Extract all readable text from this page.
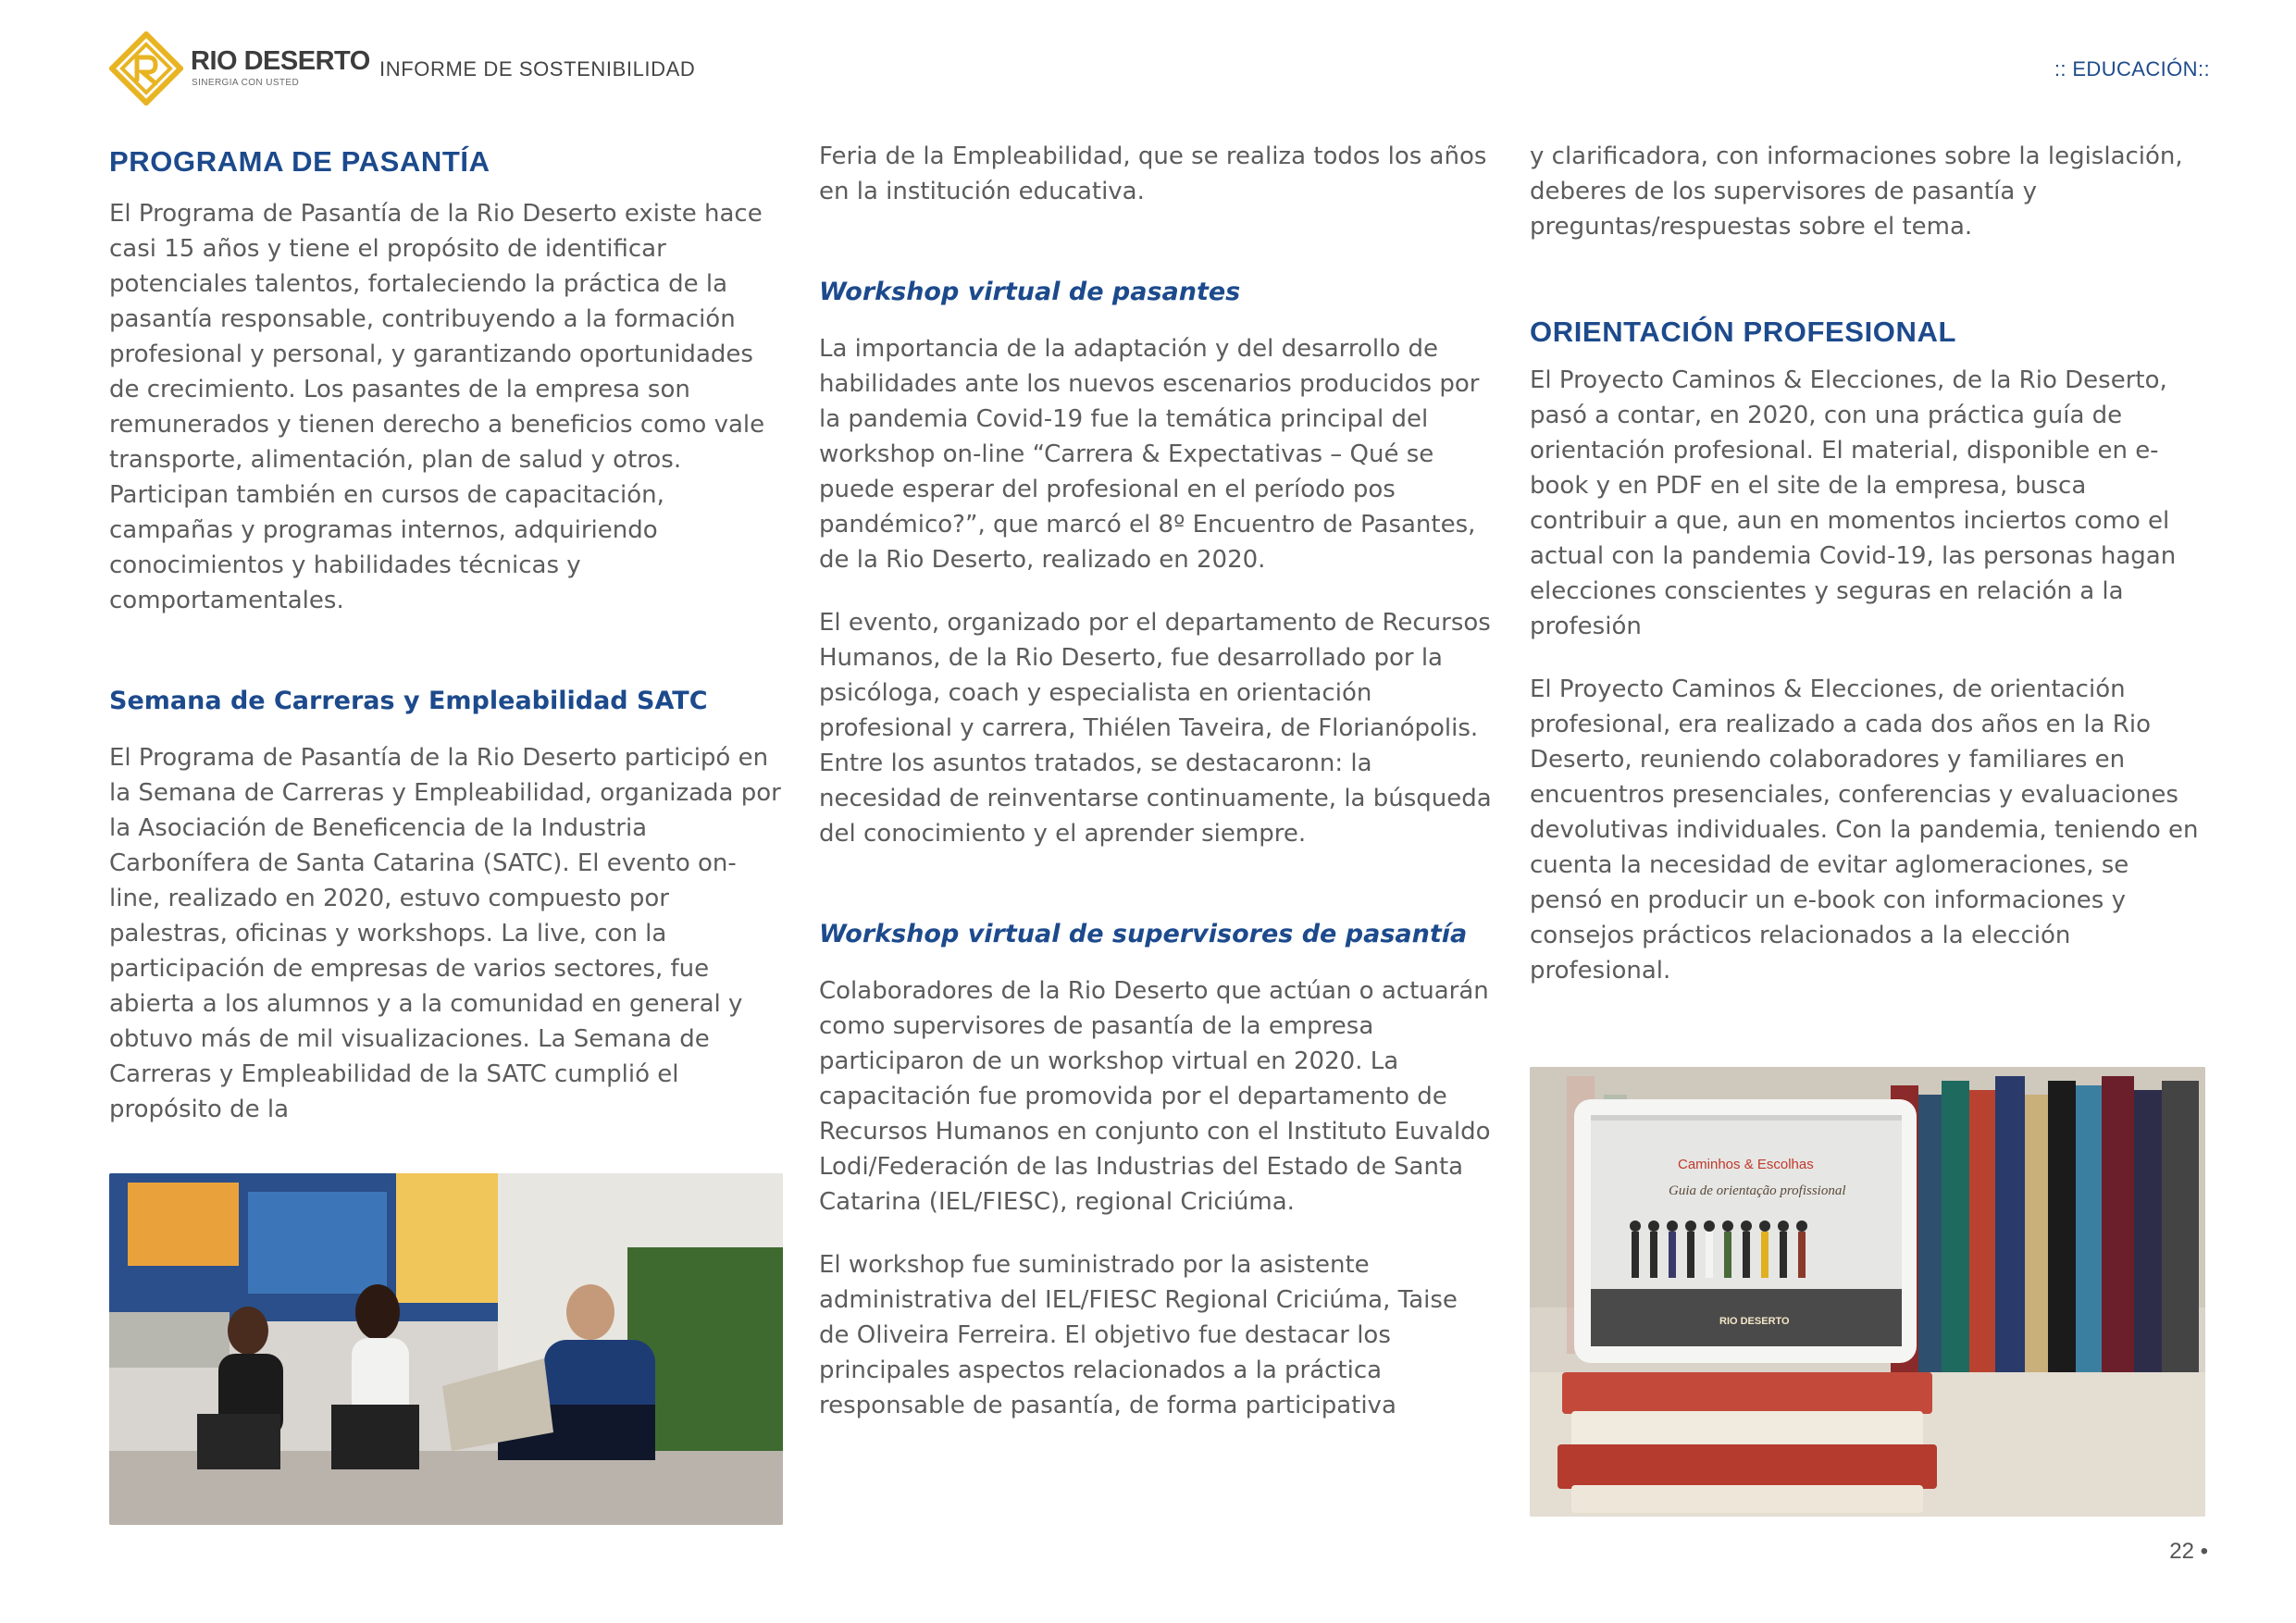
RIO DESERTO
SINERGIA CON USTED
INFORME DE SOSTENIBILIDAD	:: EDUCACIÓN::
PROGRAMA DE PASANTÍA

El Programa de Pasantía de la Rio Deserto existe hace casi 15 años y tiene el propósito de identificar potenciales talentos, fortaleciendo la práctica de la pasantía responsable, contribuyendo a la formación profesional y personal, y garantizando oportunidades de crecimiento. Los pasantes de la empresa son remunerados y tienen derecho a beneficios como vale transporte, alimentación, plan de salud y otros. Participan también en cursos de capacitación, campañas y programas internos, adquiriendo conocimientos y habilidades técnicas y comportamentales.

Semana de Carreras y Empleabilidad SATC

El Programa de Pasantía de la Rio Deserto participó en la Semana de Carreras y Empleabilidad, organizada por la Asociación de Beneficencia de la Industria Carbonífera de Santa Catarina (SATC). El evento on-line, realizado en 2020, estuvo compuesto por palestras, oficinas y workshops. La live, con la participación de empresas de varios sectores, fue abierta a los alumnos y a la comunidad en general y obtuvo más de mil visualizaciones. La Semana de Carreras y Empleabilidad de la SATC cumplió el propósito de la

Feria de la Empleabilidad, que se realiza todos los años en la institución educativa.

Workshop virtual de pasantes

La importancia de la adaptación y del desarrollo de habilidades ante los nuevos escenarios producidos por la pandemia Covid-19 fue la temática principal del workshop on-line “Carrera & Expectativas – Qué se puede esperar del profesional en el período pos pandémico?”, que marcó el 8º Encuentro de Pasantes, de la Rio Deserto, realizado en 2020.

El evento, organizado por el departamento de Recursos Humanos, de la Rio Deserto, fue desarrollado por la psicóloga, coach y especialista en orientación profesional y carrera, Thiélen Taveira, de Florianópolis. Entre los asuntos tratados, se destacaronn: la necesidad de reinventarse continuamente, la búsqueda del conocimiento y el aprender siempre.

Workshop virtual de supervisores de pasantía

Colaboradores de la Rio Deserto que actúan o actuarán como supervisores de pasantía de la empresa participaron de un workshop virtual en 2020. La capacitación fue promovida por el departamento de Recursos Humanos en conjunto con el Instituto Euvaldo Lodi/Federación de las Industrias del Estado de Santa Catarina (IEL/FIESC), regional Criciúma.

El workshop fue suministrado por la asistente administrativa del IEL/FIESC Regional Criciúma, Taise de Oliveira Ferreira. El objetivo fue destacar los principales aspectos relacionados a la práctica responsable de pasantía, de forma participativa

y clarificadora, con informaciones sobre la legislación, deberes de los supervisores de pasantía y preguntas/respuestas sobre el tema.

ORIENTACIÓN PROFESIONAL

El Proyecto Caminos & Elecciones, de la Rio Deserto, pasó a contar, en 2020, con una práctica guía de orientación profesional. El material, disponible en e-book y en PDF en el site de la empresa, busca contribuir a que, aun en momentos inciertos como el actual con la pandemia Covid-19, las personas hagan elecciones conscientes y seguras en relación a la profesión

El Proyecto Caminos & Elecciones, de orientación profesional, era realizado a cada dos años en la Rio Deserto, reuniendo colaboradores y familiares en encuentros presenciales, conferencias y evaluaciones devolutivas individuales. Con la pandemia, teniendo en cuenta la necesidad de evitar aglomeraciones, se pensó en producir un e-book con informaciones y consejos prácticos relacionados a la elección profesional.

Caminhos & Escolhas
Guia de orientação profissional
RIO DESERTO
22 •
